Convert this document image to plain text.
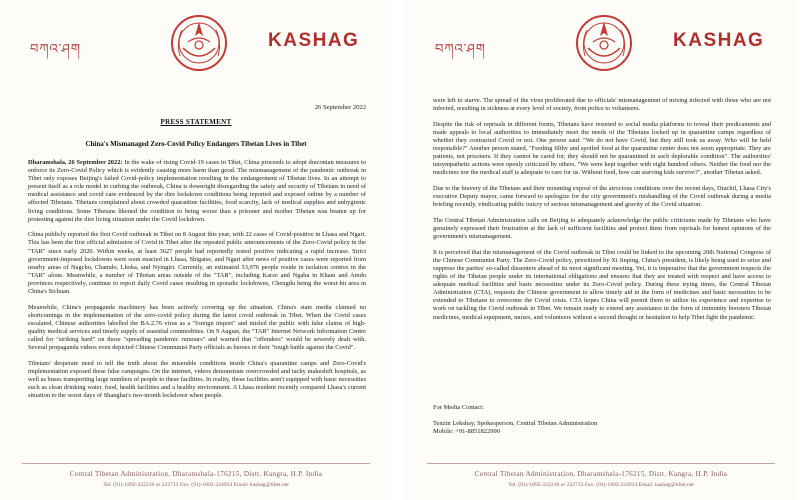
བཀའ་ཤག	KASHAG
26 September 2022
PRESS STATEMENT
China's Mismanaged Zero-Covid Policy Endangers Tibetan Lives in Tibet

Dharamshala, 26 September 2022: In the wake of rising Covid-19 cases in Tibet, China proceeds to adopt draconian measures to enforce its Zero-Covid Policy which is evidently causing more harm than good. The mismanagement of the pandemic outbreak in Tibet only exposes Beijing's failed Covid-policy implementation resulting in the endangerment of Tibetan lives. In an attempt to present itself as a role model in curbing the outbreak, China is downright disregarding the safety and security of Tibetans in need of medical assistance and covid care evidenced by the dire lockdown conditions being reported and exposed online by a number of affected Tibetans. Tibetans complained about crowded quarantine facilities, food scarcity, lack of medical supplies and unhygienic living conditions. Some Tibetans likened the condition to being worse than a prisoner and mother Tibetan was beaten up for protesting against the dire living situation under the Covid lockdown.

China publicly reported the first Covid outbreak in Tibet on 8 August this year, with 22 cases of Covid-positive in Lhasa and Ngari. This has been the first official admission of Covid in Tibet after the repeated public announcements of the Zero-Covid policy in the "TAR" since early 2020. Within weeks, at least 3627 people had reportedly tested positive indicating a rapid increase. Strict government-imposed lockdowns were soon enacted in Lhasa, Shigatse, and Ngari after news of positive cases were reported from nearby areas of Nagchu, Chamdo, Lhoka, and Nyingtri. Currently, an estimated 53,076 people reside in isolation centres in the "TAR" alone. Meanwhile, a number of Tibetan areas outside of the "TAR", including Karze and Ngaba in Kham and Amdo provinces respectively, continue to report daily Covid cases resulting in sporadic lockdowns, Chengdu being the worst-hit area in China's Sichuan.

Meanwhile, China's propaganda machinery has been actively covering up the situation. China's state media claimed no shortcomings in the implementation of the zero-covid policy during the latest covid outbreak in Tibet. When the Covid cases escalated, Chinese authorities labelled the BA.2.76 virus as a "foreign import" and misled the public with false claims of high-quality medical services and timely supply of essential commodities. On 9 August, the "TAR" Internet Network Information Centre called for "striking hard" on those "spreading pandemic rumours" and warned that "offenders" would be severely dealt with. Several propaganda videos even depicted Chinese Communist Party officials as heroes in their "tough battle against the Covid".

Tibetans' desperate need to tell the truth about the miserable conditions inside China's quarantine camps and Zero-Covid's implementation exposed these false campaigns. On the internet, videos demonstrate overcrowded and tacky makeshift hospitals, as well as buses transporting large numbers of people to these facilities. In reality, these facilities aren't equipped with basic necessities such as clean drinking water, food, health facilities and a healthy environment. A Lhasa resident recently compared Lhasa's current situation to the worst days of Shanghai's two-month lockdown when people

Central Tibetan Administration, Dharamshala-176215, Distt. Kangra, H.P. India
Tel: (91)-1892-222218 or 222713 Fax: (91)-1892-224914 Email: kashag@tibet.net
བཀའ་ཤག	KASHAG

were left to starve. The spread of the virus proliferated due to officials' mismanagement of mixing infected with those who are not infected, resulting in sickness at every level of society, from police to volunteers.

Despite the risk of reprisals in different forms, Tibetans have resorted to social media platforms to reveal their predicaments and made appeals to local authorities to immediately meet the needs of the Tibetans locked up in quarantine camps regardless of whether they contracted Covid or not. One person said: "We do not have Covid, but they still took us away. Who will be held responsible?" Another person stated, "Feeding filthy and spoiled food at the quarantine center does not seem appropriate. They are patients, not prisoners. If they cannot be cared for, they should not be quarantined in such deplorable condition". The authorities' unsympathetic actions were openly criticized by others. "We were kept together with eight hundred others. Neither the food nor the medicines nor the medical staff is adequate to care for us. Without food, how can starving kids survive?", another Tibetan asked.

Due to the bravery of the Tibetans and their mounting exposé of the atrocious conditions over the recent days, Drachil, Lhasa City's executive Deputy mayor, came forward to apologize for the city government's mishandling of the Covid outbreak during a media briefing recently, vindicating public outcry of serious mismanagement and gravity of the Covid situation.

The Central Tibetan Administration calls on Beijing to adequately acknowledge the public criticisms made by Tibetans who have genuinely expressed their frustration at the lack of sufficient facilities and protect them from reprisals for honest opinions of the government's mismanagement.

It is perceived that the mismanagement of the Covid outbreak in Tibet could be linked to the upcoming 20th National Congress of the Chinese Communist Party. The Zero-Covid policy, prioritized by Xi Jinping, China's president, is likely being used to seize and suppress the parties' so-called dissenters ahead of its most significant meeting. Yet, it is imperative that the government respects the rights of the Tibetan people under its international obligations and ensures that they are treated with respect and have access to adequate medical facilities and basic necessities under its Zero-Covid policy. During these trying times, the Central Tibetan Administration (CTA), requests the Chinese government to allow timely aid in the form of medicines and basic necessities to be extended to Tibetans to overcome the Covid crisis. CTA hopes China will permit them to utilize its experience and expertise to work on tackling the Covid outbreak in Tibet. We remain ready to extend any assistance in the form of immunity boosters Tibetan medicines, medical equipment, nurses, and volunteers without a second thought or hesitation to help Tibet fight the pandemic.

For Media Contact:
Tenzin Lekshay, Spokesperson, Central Tibetan Administration
Mobile: +91-8851822990
Central Tibetan Administration, Dharamshala-176215, Distt. Kangra, H.P. India
Tel: (91)-1892-222218 or 222713 Fax: (91)-1892-224914 Email: kashag@tibet.net
